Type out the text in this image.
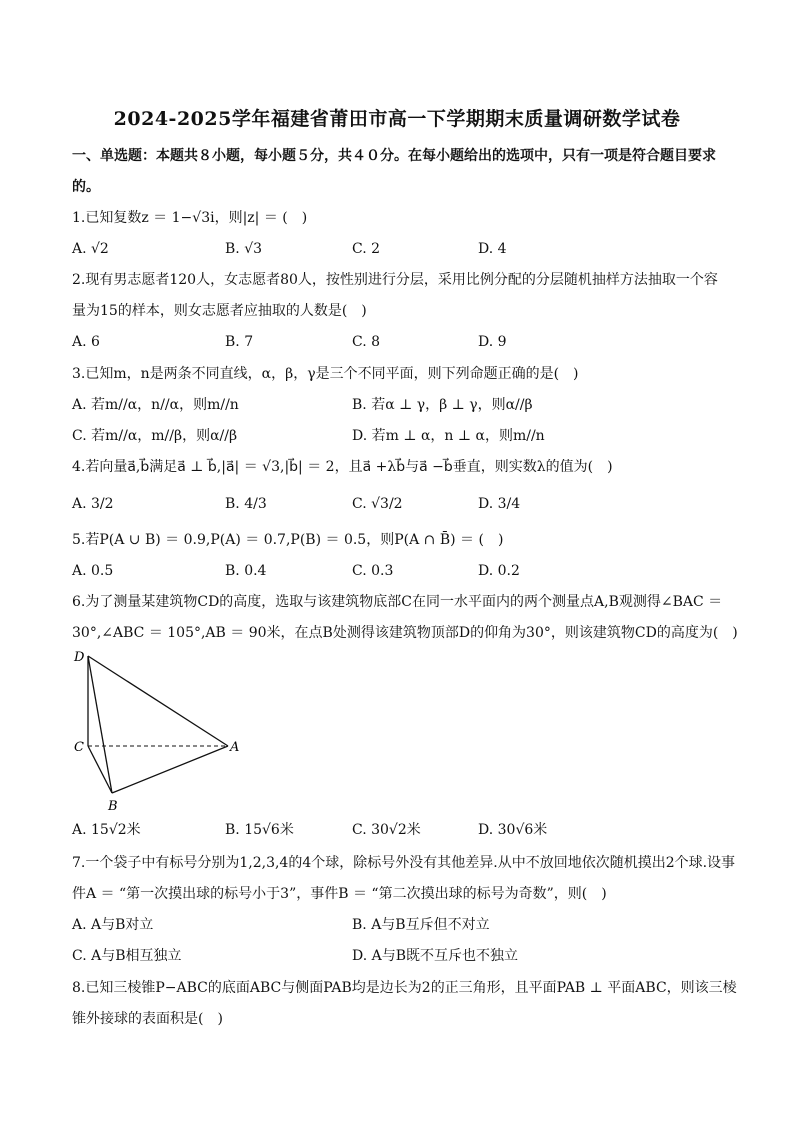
2024-2025学年福建省莆田市高一下学期期末质量调研数学试卷
一、单选题：本题共８小题，每小题５分，共４０分。在每小题给出的选项中，只有一项是符合题目要求
的。
1.已知复数z ＝ 1−√3i，则|z| ＝ (　)
A. √2	B. √3	C. 2	D. 4
2.现有男志愿者120人，女志愿者80人，按性别进行分层，采用比例分配的分层随机抽样方法抽取一个容
量为15的样本，则女志愿者应抽取的人数是(　)
A. 6	B. 7	C. 8	D. 9
3.已知m，n是两条不同直线，α，β，γ是三个不同平面，则下列命题正确的是(　)
A. 若m//α，n//α，则m//n	B. 若α ⊥ γ，β ⊥ γ，则α//β
C. 若m//α，m//β，则α//β	D. 若m ⊥ α，n ⊥ α，则m//n
4.若向量a⃗,b⃗满足a⃗ ⊥ b⃗,|a⃗| ＝ √3,|b⃗| ＝ 2，且a⃗ +λb⃗与a⃗ −b⃗垂直，则实数λ的值为(　)
A. 3/2	B. 4/3	C. √3/2	D. 3/4
5.若P(A ∪ B) ＝ 0.9,P(A) ＝ 0.7,P(B) ＝ 0.5，则P(A ∩ B̄) ＝ (　)
A. 0.5	B. 0.4	C. 0.3	D. 0.2
6.为了测量某建筑物CD的高度，选取与该建筑物底部C在同一水平面内的两个测量点A,B观测得∠BAC ＝
30°,∠ABC ＝ 105°,AB ＝ 90米，在点B处测得该建筑物顶部D的仰角为30°，则该建筑物CD的高度为(　)
D
C	A
B
A. 15√2米	B. 15√6米	C. 30√2米	D. 30√6米
7.一个袋子中有标号分别为1,2,3,4的4个球，除标号外没有其他差异.从中不放回地依次随机摸出2个球.设事
件A ＝ “第一次摸出球的标号小于3”，事件B ＝ “第二次摸出球的标号为奇数”，则(　)
A. A与B对立	B. A与B互斥但不对立
C. A与B相互独立	D. A与B既不互斥也不独立
8.已知三棱锥P−ABC的底面ABC与侧面PAB均是边长为2的正三角形，且平面PAB ⊥ 平面ABC，则该三棱
锥外接球的表面积是(　)
